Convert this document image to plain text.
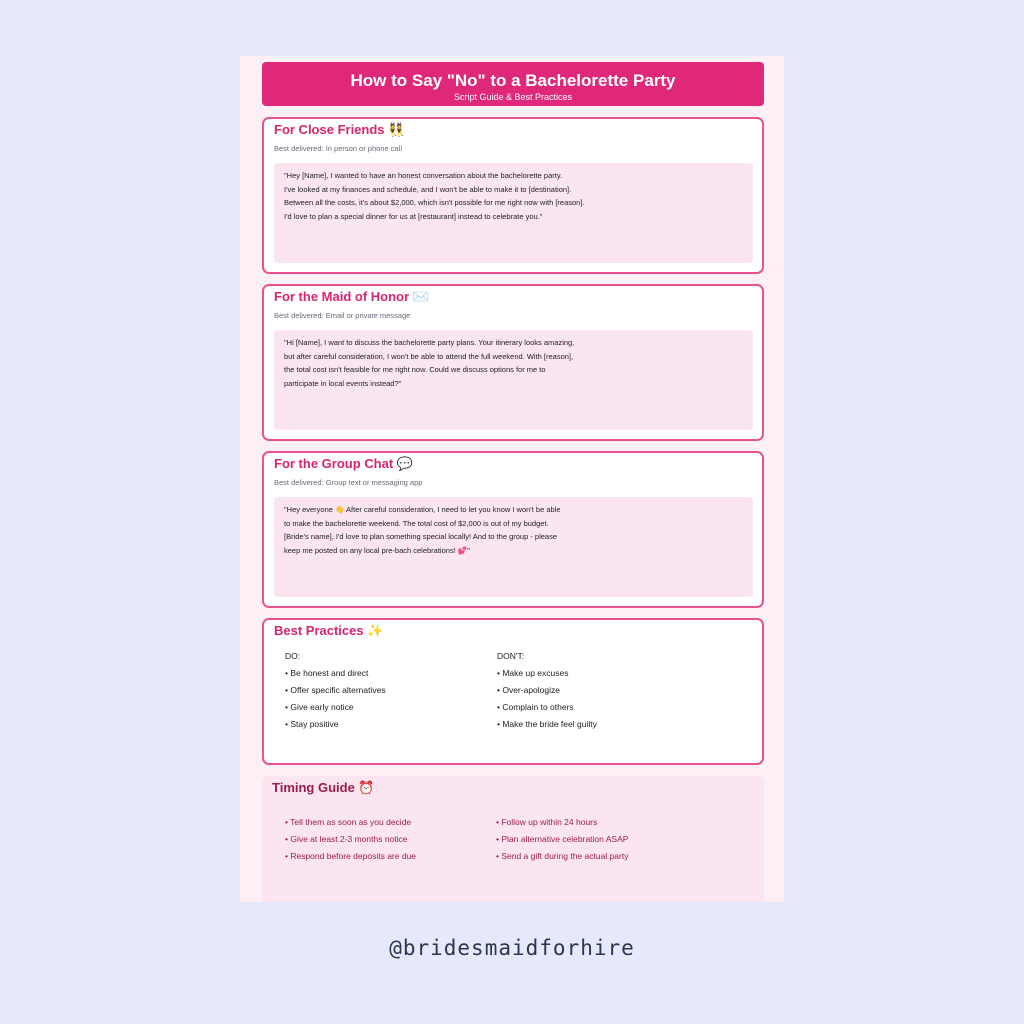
How to Say "No" to a Bachelorette Party
Script Guide & Best Practices
For Close Friends 👯
Best delivered: In person or phone call
"Hey [Name], I wanted to have an honest conversation about the bachelorette party.
I've looked at my finances and schedule, and I won't be able to make it to [destination].
Between all the costs, it's about $2,000, which isn't possible for me right now with [reason].
I'd love to plan a special dinner for us at [restaurant] instead to celebrate you."
For the Maid of Honor ✉️
Best delivered: Email or private message
"Hi [Name], I want to discuss the bachelorette party plans. Your itinerary looks amazing,
but after careful consideration, I won't be able to attend the full weekend. With [reason],
the total cost isn't feasible for me right now. Could we discuss options for me to
participate in local events instead?"
For the Group Chat 💬
Best delivered: Group text or messaging app
"Hey everyone 👋 After careful consideration, I need to let you know I won't be able
to make the bachelorette weekend. The total cost of $2,000 is out of my budget.
[Bride's name], I'd love to plan something special locally! And to the group - please
keep me posted on any local pre-bach celebrations! 💕"
Best Practices ✨
DO:
• Be honest and direct
• Offer specific alternatives
• Give early notice
• Stay positive
DON'T:
• Make up excuses
• Over-apologize
• Complain to others
• Make the bride feel guilty
Timing Guide ⏰
• Tell them as soon as you decide
• Give at least 2-3 months notice
• Respond before deposits are due
• Follow up within 24 hours
• Plan alternative celebration ASAP
• Send a gift during the actual party
@bridesmaidforhire
